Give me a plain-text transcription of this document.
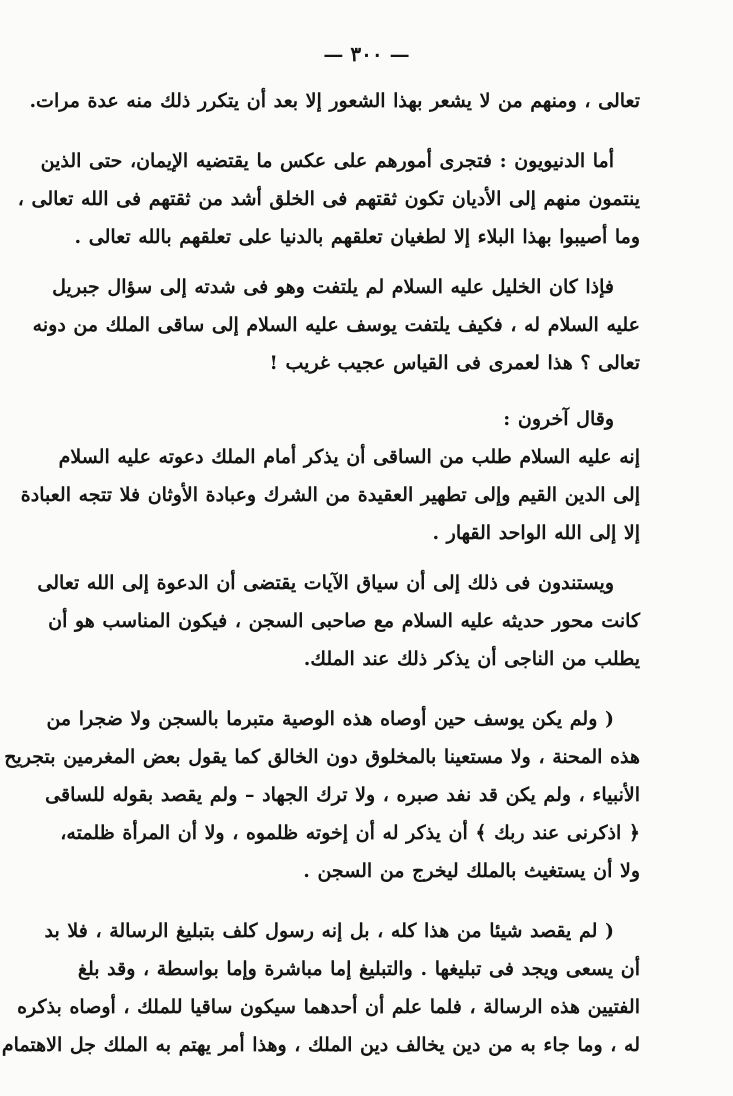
— ٣٠٠ —
تعالى ، ومنهم من لا يشعر بهذا الشعور إلا بعد أن يتكرر ذلك منه عدة مرات.
أما الدنيويون : فتجرى أمورهم على عكس ما يقتضيه الإيمان، حتى الذين
ينتمون منهم إلى الأديان تكون ثقتهم فى الخلق أشد من ثقتهم فى الله تعالى ،
وما أصيبوا بهذا البلاء إلا لطغيان تعلقهم بالدنيا على تعلقهم بالله تعالى .
فإذا كان الخليل عليه السلام لم يلتفت وهو فى شدته إلى سؤال جبريل
عليه السلام له ، فكيف يلتفت يوسف عليه السلام إلى ساقى الملك من دونه
تعالى ؟ هذا لعمرى فى القياس عجيب غريب !
وقال آخرون :
إنه عليه السلام طلب من الساقى أن يذكر أمام الملك دعوته عليه السلام
إلى الدين القيم وإلى تطهير العقيدة من الشرك وعبادة الأوثان فلا تتجه العبادة
إلا إلى الله الواحد القهار .
ويستندون فى ذلك إلى أن سياق الآيات يقتضى أن الدعوة إلى الله تعالى
كانت محور حديثه عليه السلام مع صاحبى السجن ، فيكون المناسب هو أن
يطلب من الناجى أن يذكر ذلك عند الملك.
( ولم يكن يوسف حين أوصاه هذه الوصية متبرما بالسجن ولا ضجرا من
هذه المحنة ، ولا مستعينا بالمخلوق دون الخالق كما يقول بعض المغرمين بتجريح
الأنبياء ، ولم يكن قد نفد صبره ، ولا ترك الجهاد – ولم يقصد بقوله للساقى
﴿ اذكرنى عند ربك ﴾ أن يذكر له أن إخوته ظلموه ، ولا أن المرأة ظلمته،
ولا أن يستغيث بالملك ليخرج من السجن .
( لم يقصد شيئا من هذا كله ، بل إنه رسول كلف بتبليغ الرسالة ، فلا بد
أن يسعى ويجد فى تبليغها . والتبليغ إما مباشرة وإما بواسطة ، وقد بلغ
الفتيين هذه الرسالة ، فلما علم أن أحدهما سيكون ساقيا للملك ، أوصاه بذكره
له ، وما جاء به من دين يخالف دين الملك ، وهذا أمر يهتم به الملك جل الاهتمام
